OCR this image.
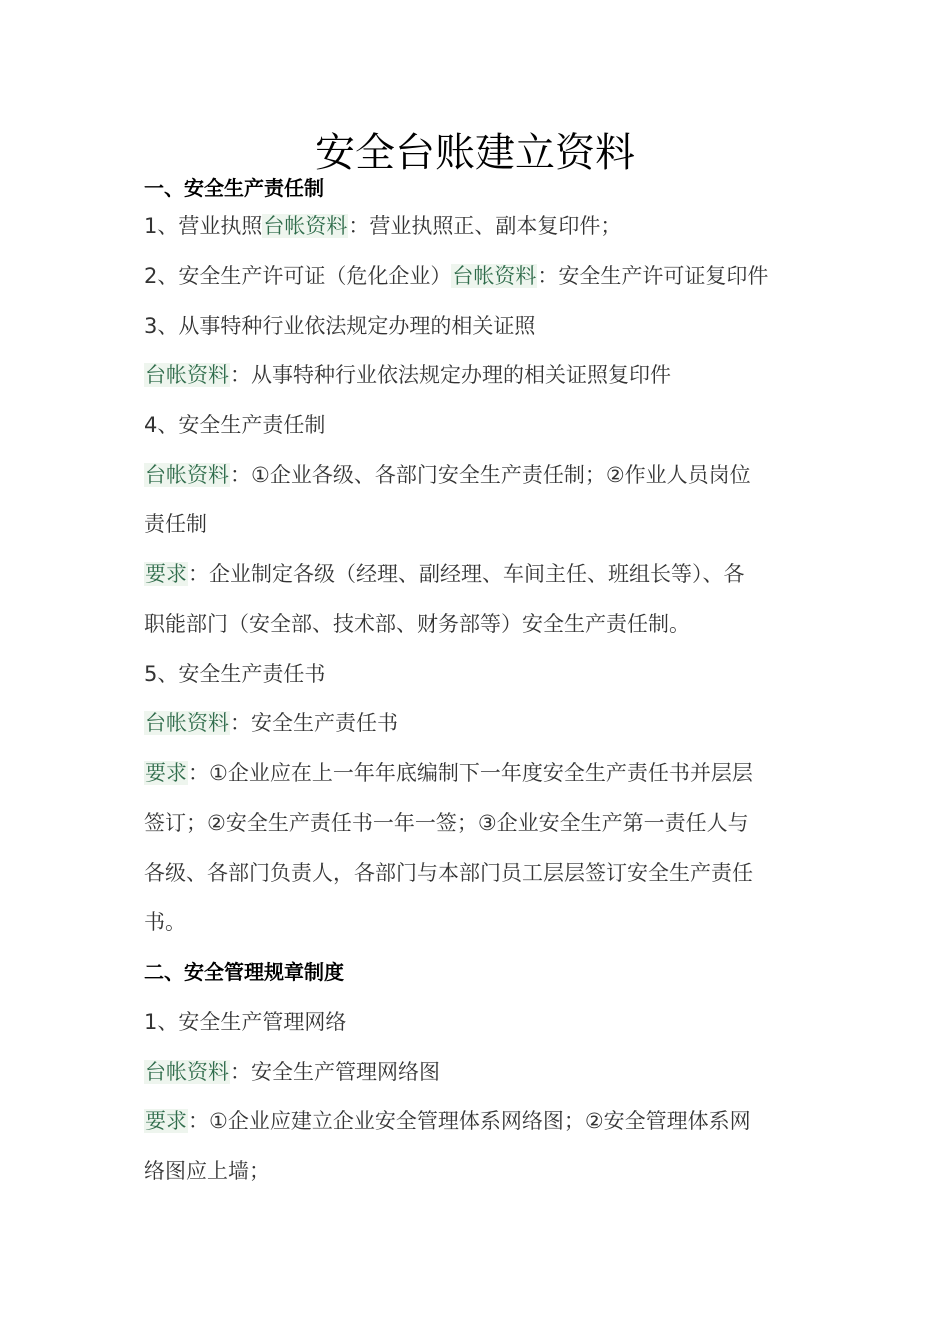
安全台账建立资料
一、安全生产责任制
1、营业执照台帐资料：营业执照正、副本复印件；
2、安全生产许可证（危化企业）台帐资料：安全生产许可证复印件
3、从事特种行业依法规定办理的相关证照
台帐资料：从事特种行业依法规定办理的相关证照复印件
4、安全生产责任制
台帐资料：①企业各级、各部门安全生产责任制；②作业人员岗位
责任制
要求：企业制定各级（经理、副经理、车间主任、班组长等）、各
职能部门（安全部、技术部、财务部等）安全生产责任制。
5、安全生产责任书
台帐资料：安全生产责任书
要求：①企业应在上一年年底编制下一年度安全生产责任书并层层
签订；②安全生产责任书一年一签；③企业安全生产第一责任人与
各级、各部门负责人，各部门与本部门员工层层签订安全生产责任
书。
二、安全管理规章制度
1、安全生产管理网络
台帐资料：安全生产管理网络图
要求：①企业应建立企业安全管理体系网络图；②安全管理体系网
络图应上墙；
